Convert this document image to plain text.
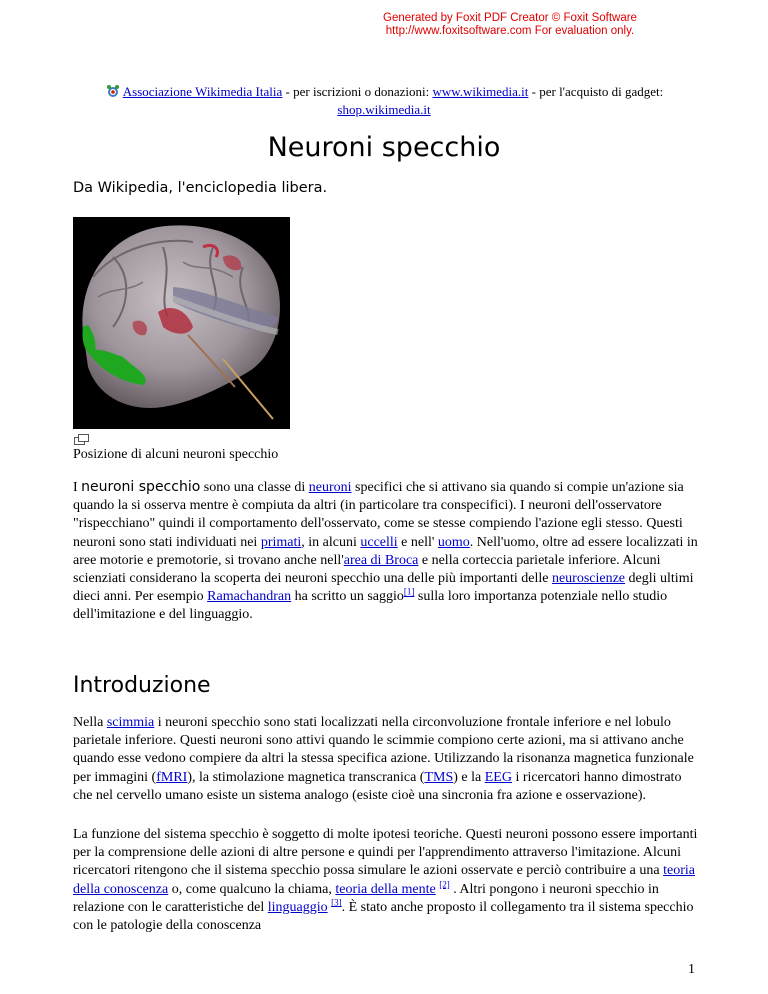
Generated by Foxit PDF Creator © Foxit Software
http://www.foxitsoftware.com For evaluation only.
Associazione Wikimedia Italia - per iscrizioni o donazioni: www.wikimedia.it - per l'acquisto di gadget:
shop.wikimedia.it
Neuroni specchio
Da Wikipedia, l'enciclopedia libera.
Posizione di alcuni neuroni specchio

I neuroni specchio sono una classe di neuroni specifici che si attivano sia quando si compie un'azione sia quando la si osserva mentre è compiuta da altri (in particolare tra conspecifici). I neuroni dell'osservatore "rispecchiano" quindi il comportamento dell'osservato, come se stesse compiendo l'azione egli stesso. Questi neuroni sono stati individuati nei primati, in alcuni uccelli e nell' uomo. Nell'uomo, oltre ad essere localizzati in aree motorie e premotorie, si trovano anche nell'area di Broca e nella corteccia parietale inferiore. Alcuni scienziati considerano la scoperta dei neuroni specchio una delle più importanti delle neuroscienze degli ultimi dieci anni. Per esempio Ramachandran ha scritto un saggio[1] sulla loro importanza potenziale nello studio dell'imitazione e del linguaggio.

Introduzione

Nella scimmia i neuroni specchio sono stati localizzati nella circonvoluzione frontale inferiore e nel lobulo parietale inferiore. Questi neuroni sono attivi quando le scimmie compiono certe azioni, ma si attivano anche quando esse vedono compiere da altri la stessa specifica azione. Utilizzando la risonanza magnetica funzionale per immagini (fMRI), la stimolazione magnetica transcranica (TMS) e la EEG i ricercatori hanno dimostrato che nel cervello umano esiste un sistema analogo (esiste cioè una sincronia fra azione e osservazione).

La funzione del sistema specchio è soggetto di molte ipotesi teoriche. Questi neuroni possono essere importanti per la comprensione delle azioni di altre persone e quindi per l'apprendimento attraverso l'imitazione. Alcuni ricercatori ritengono che il sistema specchio possa simulare le azioni osservate e perciò contribuire a una teoria della conoscenza o, come qualcuno la chiama, teoria della mente [2] . Altri pongono i neuroni specchio in relazione con le caratteristiche del linguaggio [3]. È stato anche proposto il collegamento tra il sistema specchio con le patologie della conoscenza

1
